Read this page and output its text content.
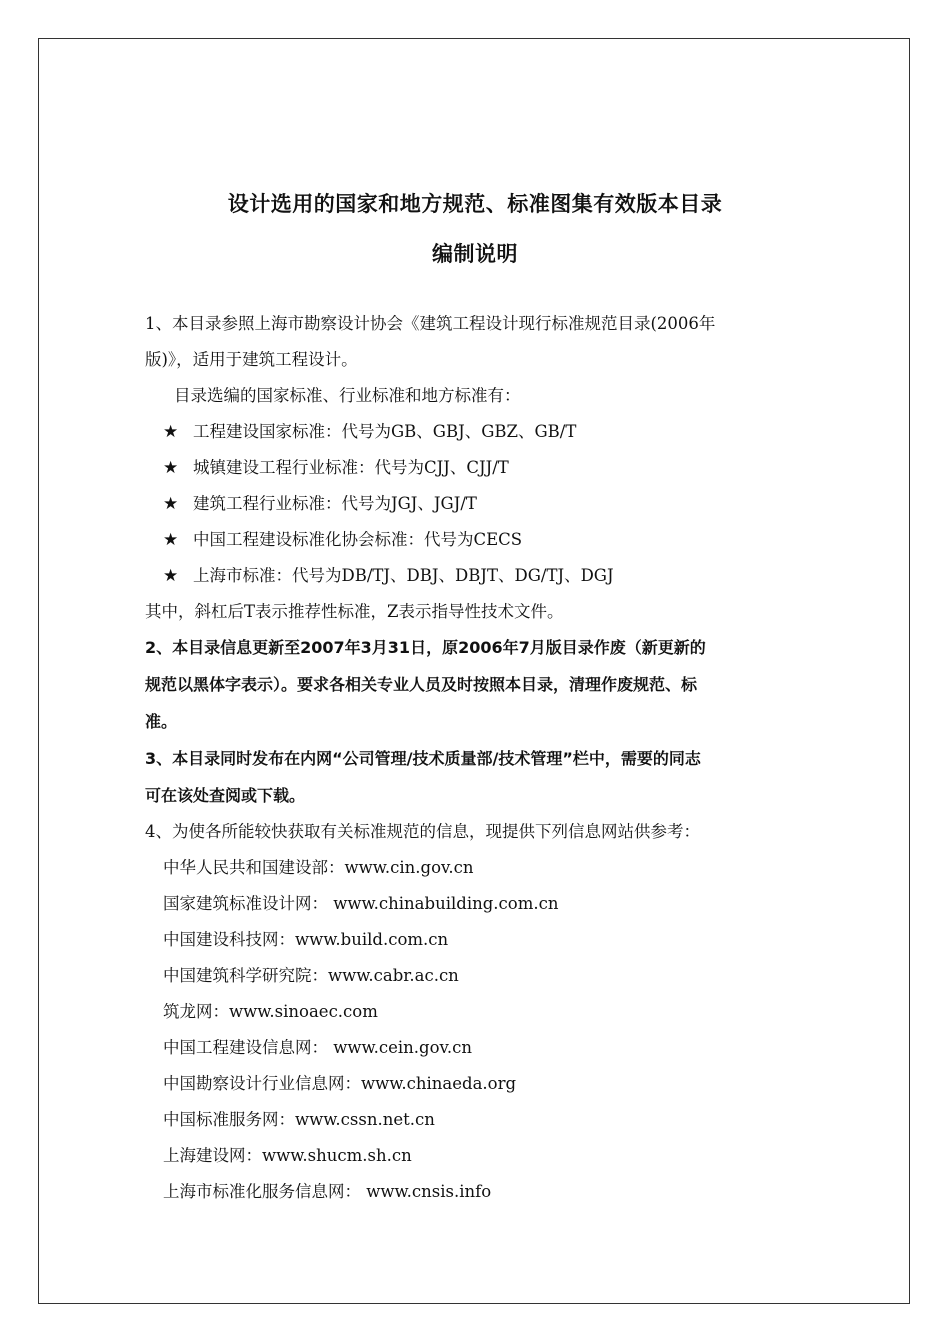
设计选用的国家和地方规范、标准图集有效版本目录
编制说明
1、本目录参照上海市勘察设计协会《建筑工程设计现行标准规范目录(2006年
版)》，适用于建筑工程设计。
目录选编的国家标准、行业标准和地方标准有：
★ 工程建设国家标准：代号为GB、GBJ、GBZ、GB/T
★ 城镇建设工程行业标准：代号为CJJ、CJJ/T
★ 建筑工程行业标准：代号为JGJ、JGJ/T
★ 中国工程建设标准化协会标准：代号为CECS
★ 上海市标准：代号为DB/TJ、DBJ、DBJT、DG/TJ、DGJ
其中，斜杠后T表示推荐性标准，Z表示指导性技术文件。
2、本目录信息更新至2007年3月31日，原2006年7月版目录作废（新更新的
规范以黑体字表示）。要求各相关专业人员及时按照本目录，清理作废规范、标
准。
3、本目录同时发布在内网“公司管理/技术质量部/技术管理”栏中，需要的同志
可在该处查阅或下载。
4、为使各所能较快获取有关标准规范的信息，现提供下列信息网站供参考：
中华人民共和国建设部：www.cin.gov.cn
国家建筑标准设计网： www.chinabuilding.com.cn
中国建设科技网：www.build.com.cn
中国建筑科学研究院：www.cabr.ac.cn
筑龙网：www.sinoaec.com
中国工程建设信息网： www.cein.gov.cn
中国勘察设计行业信息网：www.chinaeda.org
中国标准服务网：www.cssn.net.cn
上海建设网：www.shucm.sh.cn
上海市标准化服务信息网： www.cnsis.info
